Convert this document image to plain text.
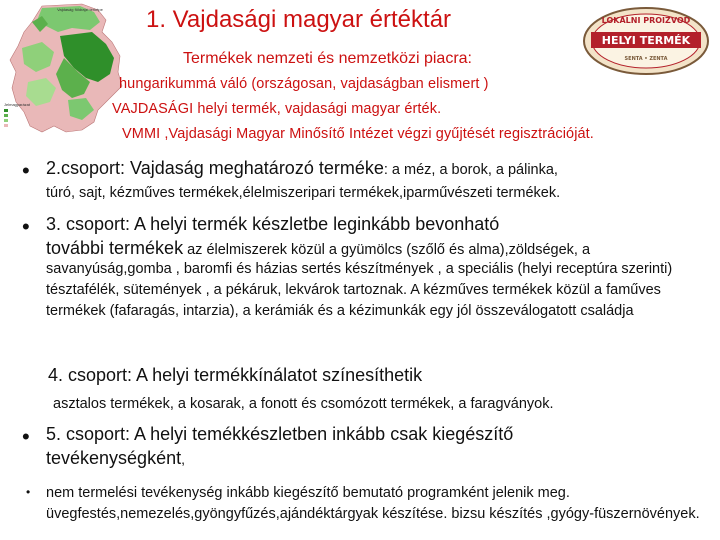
Vajdaság földrajzi térképe
Jelmagyarázat
1. Vajdasági magyar értéktár
Termékek nemzeti és nemzetközi piacra:
hungarikummá váló (országosan, vajdaságban elismert )
VAJDASÁGI helyi termék, vajdasági magyar érték.
VMMI ,Vajdasági Magyar Minősítő Intézet végzi gyűjtését regisztrációját.
LOKALNI PROIZVOD
HELYI TERMÉK
SENTA • ZENTA
• 2.csoport: Vajdaság meghatározó terméke: a méz, a borok, a pálinka,
túró, sajt, kézműves termékek,élelmiszeripari termékek,iparművészeti termékek.
• 3. csoport: A helyi termék készletbe leginkább bevonható
további termékek az élelmiszerek közül a gyümölcs (szőlő és alma),zöldségek, a
savanyúság,gomba , baromfi és házias sertés készítmények , a speciális (helyi receptúra szerinti) tésztafélék, sütemények , a pékáruk, lekvárok tartoznak. A kézműves termékek közül a faműves termékek (fafaragás, intarzia), a kerámiák és a kézimunkák egy jól összeválogatott családja
4. csoport: A helyi termékkínálatot színesíthetik
asztalos termékek, a kosarak, a fonott és csomózott termékek, a faragványok.
• 5. csoport: A helyi temékkészletben inkább csak kiegészítő
tevékenységként,
• nem termelési tevékenység inkább kiegészítő bemutató programként jelenik meg. üvegfestés,nemezelés,gyöngyfűzés,ajándéktárgyak készítése. bizsu készítés ,gyógy-füszernövények.
